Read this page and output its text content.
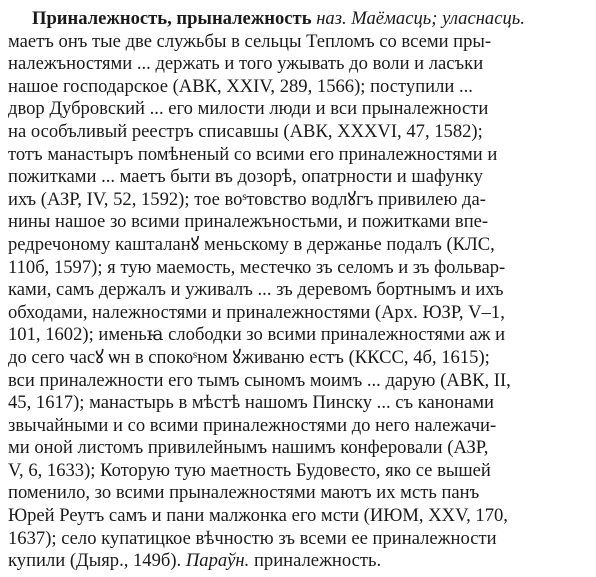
Приналежность, прыналежность наз. Маёмасць; уласнасць.
маетъ онъ тые две служьбы в сельцы Тепломъ со всеми пры-
належъностями ... держать и того ужывать до воли и ласъки
нашое господарское (АВК, XXIV, 289, 1566); поступили ...
двор Дубровский ... его милости люди и вси прыналежности
на особъливый реестръ списавшы (АВК, XXXVI, 47, 1582);
тотъ манастыръ помѣненый со всими его приналежностями и
пожитками ... маетъ быти въ дозорѣ, опатрности и шафунку
ихъ (АЗР, IV, 52, 1592); тое воˢтовство водлꙋгъ привилею да-
нины нашое зо всими приналежъностьми, и пожитками впе-
редречоному кашталанꙋ меньскому в держанье подалъ (КЛС,
110б, 1597); я тую маемость, местечко зъ селомъ и зъ фольвар-
ками, самъ держалъ и уживалъ ... зъ деревомъ бортнымъ и ихъ
обходами, належностями и приналежностями (Арх. ЮЗР, V–1,
101, 1602); именьꙗ слободки зо всими приналежностями аж и
до сего часꙋ ѡн в спокоˢном ꙋживаню естъ (ККСС, 4б, 1615);
вси приналежности его тымъ сыномъ моимъ ... дарую (АВК, II,
45, 1617); манастырь в мѣстѣ нашомъ Пинску ... съ канонами
звычайными и со всими приналежностями до него належачи-
ми оной листомъ привилейнымъ нашимъ конферовали (АЗР,
V, 6, 1633); Которую тую маетность Будовесто, яко се вышей
поменило, зо всими прыналежностями маютъ их мсть панъ
Юрей Реутъ самъ и пани малжонка его мсти (ИЮМ, XXV, 170,
1637); село купатицкое вѣчностю зъ всеми ее приналежности
купили (Дыяр., 149б). Параўн. приналежность.
